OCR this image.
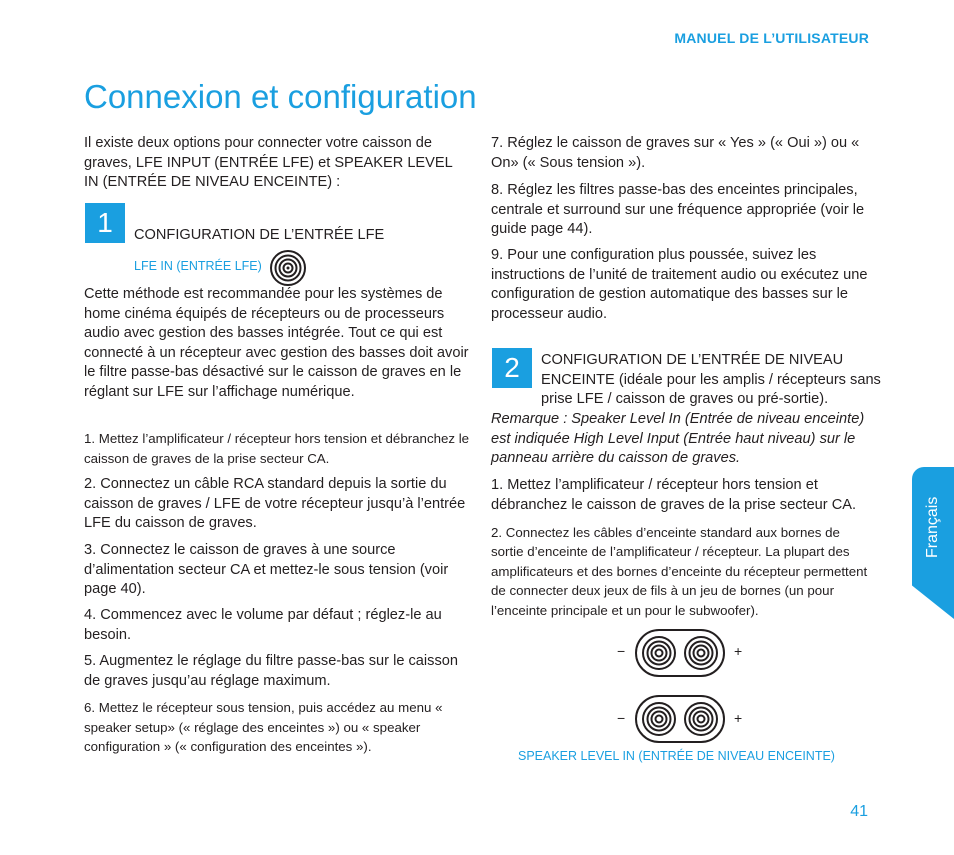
MANUEL DE L’UTILISATEUR
Connexion et configuration

Il existe deux options pour connecter votre caisson de graves, LFE INPUT (ENTRÉE LFE) et SPEAKER LEVEL IN (ENTRÉE DE NIVEAU ENCEINTE) :

1	CONFIGURATION DE L’ENTRÉE LFE
LFE IN (ENTRÉE LFE)

Cette méthode est recommandée pour les systèmes de home cinéma équipés de récepteurs ou de processeurs audio avec gestion des basses intégrée. Tout ce qui est connecté à un récepteur avec gestion des basses doit avoir le filtre passe-bas désactivé sur le caisson de graves en le réglant sur LFE sur l’affichage numérique.

1. Mettez l’amplificateur / récepteur hors tension et débranchez le caisson de graves de la prise secteur CA.

2. Connectez un câble RCA standard depuis la sortie du caisson de graves / LFE de votre récepteur jusqu’à l’entrée LFE du caisson de graves.

3. Connectez le caisson de graves à une source d’alimentation secteur CA et mettez-le sous tension (voir page 40).

4. Commencez avec le volume par défaut ; réglez-le au besoin.

5. Augmentez le réglage du filtre passe-bas sur le caisson de graves jusqu’au réglage maximum.

6. Mettez le récepteur sous tension, puis accédez au menu « speaker setup» (« réglage des enceintes ») ou « speaker configuration » (« configuration des enceintes »).

7. Réglez le caisson de graves sur « Yes » (« Oui ») ou « On» (« Sous tension »).

8. Réglez les filtres passe-bas des enceintes principales, centrale et surround sur une fréquence appropriée (voir le guide page 44).

9. Pour une configuration plus poussée, suivez les instructions de l’unité de traitement audio ou exécutez une configuration de gestion automatique des basses sur le processeur audio.

2	CONFIGURATION DE L’ENTRÉE DE NIVEAU
ENCEINTE (idéale pour les amplis / récepteurs sans prise LFE / caisson de graves ou pré-sortie).

Remarque : Speaker Level In (Entrée de niveau enceinte) est indiquée High Level Input (Entrée haut niveau) sur le panneau arrière du caisson de graves.

1. Mettez l’amplificateur / récepteur hors tension et débranchez le caisson de graves de la prise secteur CA.

2. Connectez les câbles d’enceinte standard aux bornes de sortie d’enceinte de l’amplificateur / récepteur. La plupart des amplificateurs et des bornes d’enceinte du récepteur permettent de connecter deux jeux de fils à un jeu de bornes (un pour l’enceinte principale et un pour le subwoofer).

−	+
−	+
SPEAKER LEVEL IN (ENTRÉE DE NIVEAU ENCEINTE)
Français
41
